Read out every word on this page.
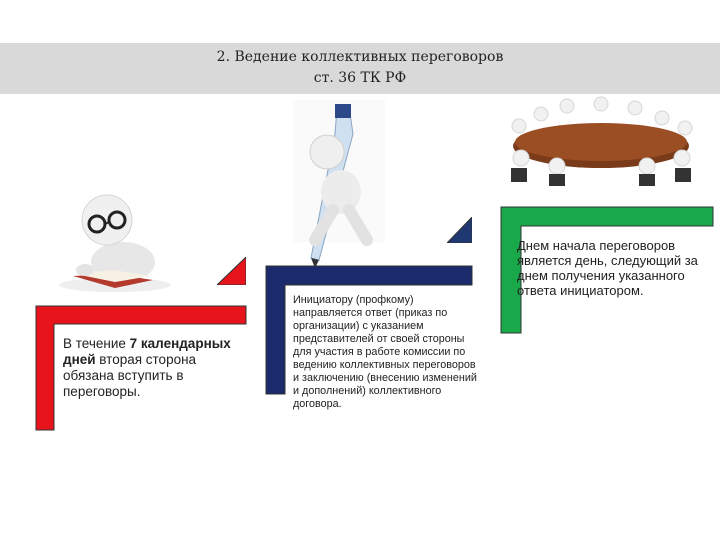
2. Ведение коллективных переговоров
ст. 36 ТК РФ
В течение 7 календарных дней вторая сторона обязана вступить в переговоры.
Инициатору (профкому) направляется ответ (приказ по организации) с указанием представителей от своей стороны для участия в работе комиссии по ведению коллективных переговоров и заключению (внесению изменений и дополнений) коллективного договора.
Днем начала переговоров является день, следующий за днем получения указанного ответа инициатором.
